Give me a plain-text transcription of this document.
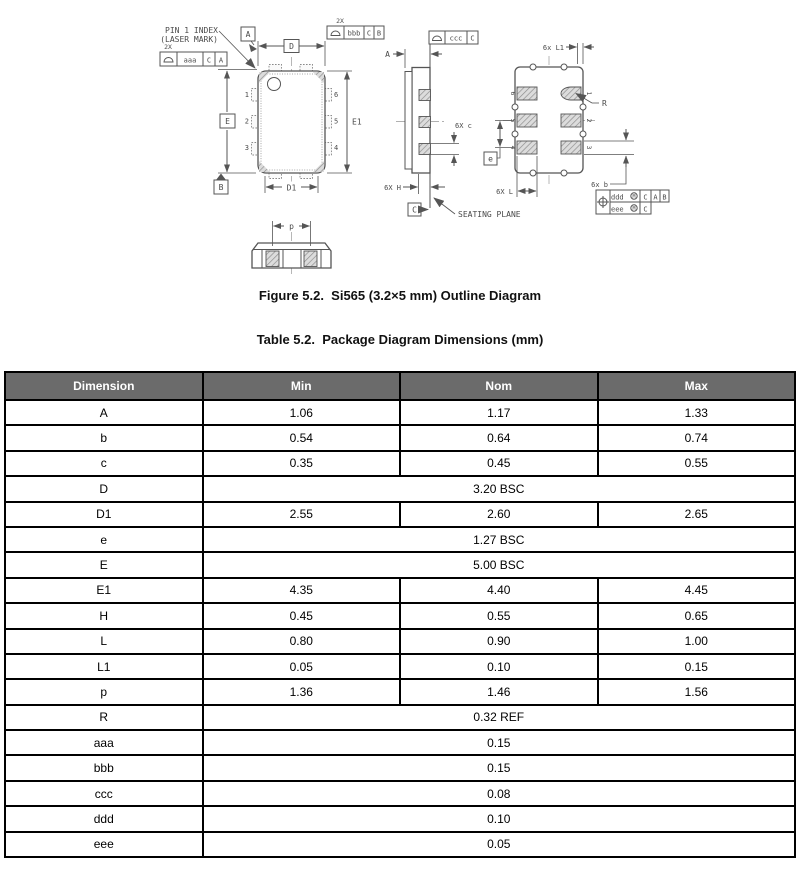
1
2
3
6
5
4
PIN 1 INDEX
(LASER MARK)
D
A
2X
bbb C B
2X
aaa C A
E
B
E1
D1
ccc C
A
6X c
6X H
C	SEATING PLANE
6
5
4
1
2
3
R
6x L1
e
6X L
6x b
ddd M C A B
eee M C
p
Figure 5.2.  Si565 (3.2×5 mm) Outline Diagram
Table 5.2.  Package Diagram Dimensions (mm)
Dimension	Min	Nom	Max
A	1.06	1.17	1.33
b	0.54	0.64	0.74
c	0.35	0.45	0.55
D	3.20 BSC		
D1	2.55	2.60	2.65
e	1.27 BSC		
E	5.00 BSC		
E1	4.35	4.40	4.45
H	0.45	0.55	0.65
L	0.80	0.90	1.00
L1	0.05	0.10	0.15
p	1.36	1.46	1.56
R	0.32 REF		
aaa	0.15		
bbb	0.15		
ccc	0.08		
ddd	0.10		
eee	0.05		
